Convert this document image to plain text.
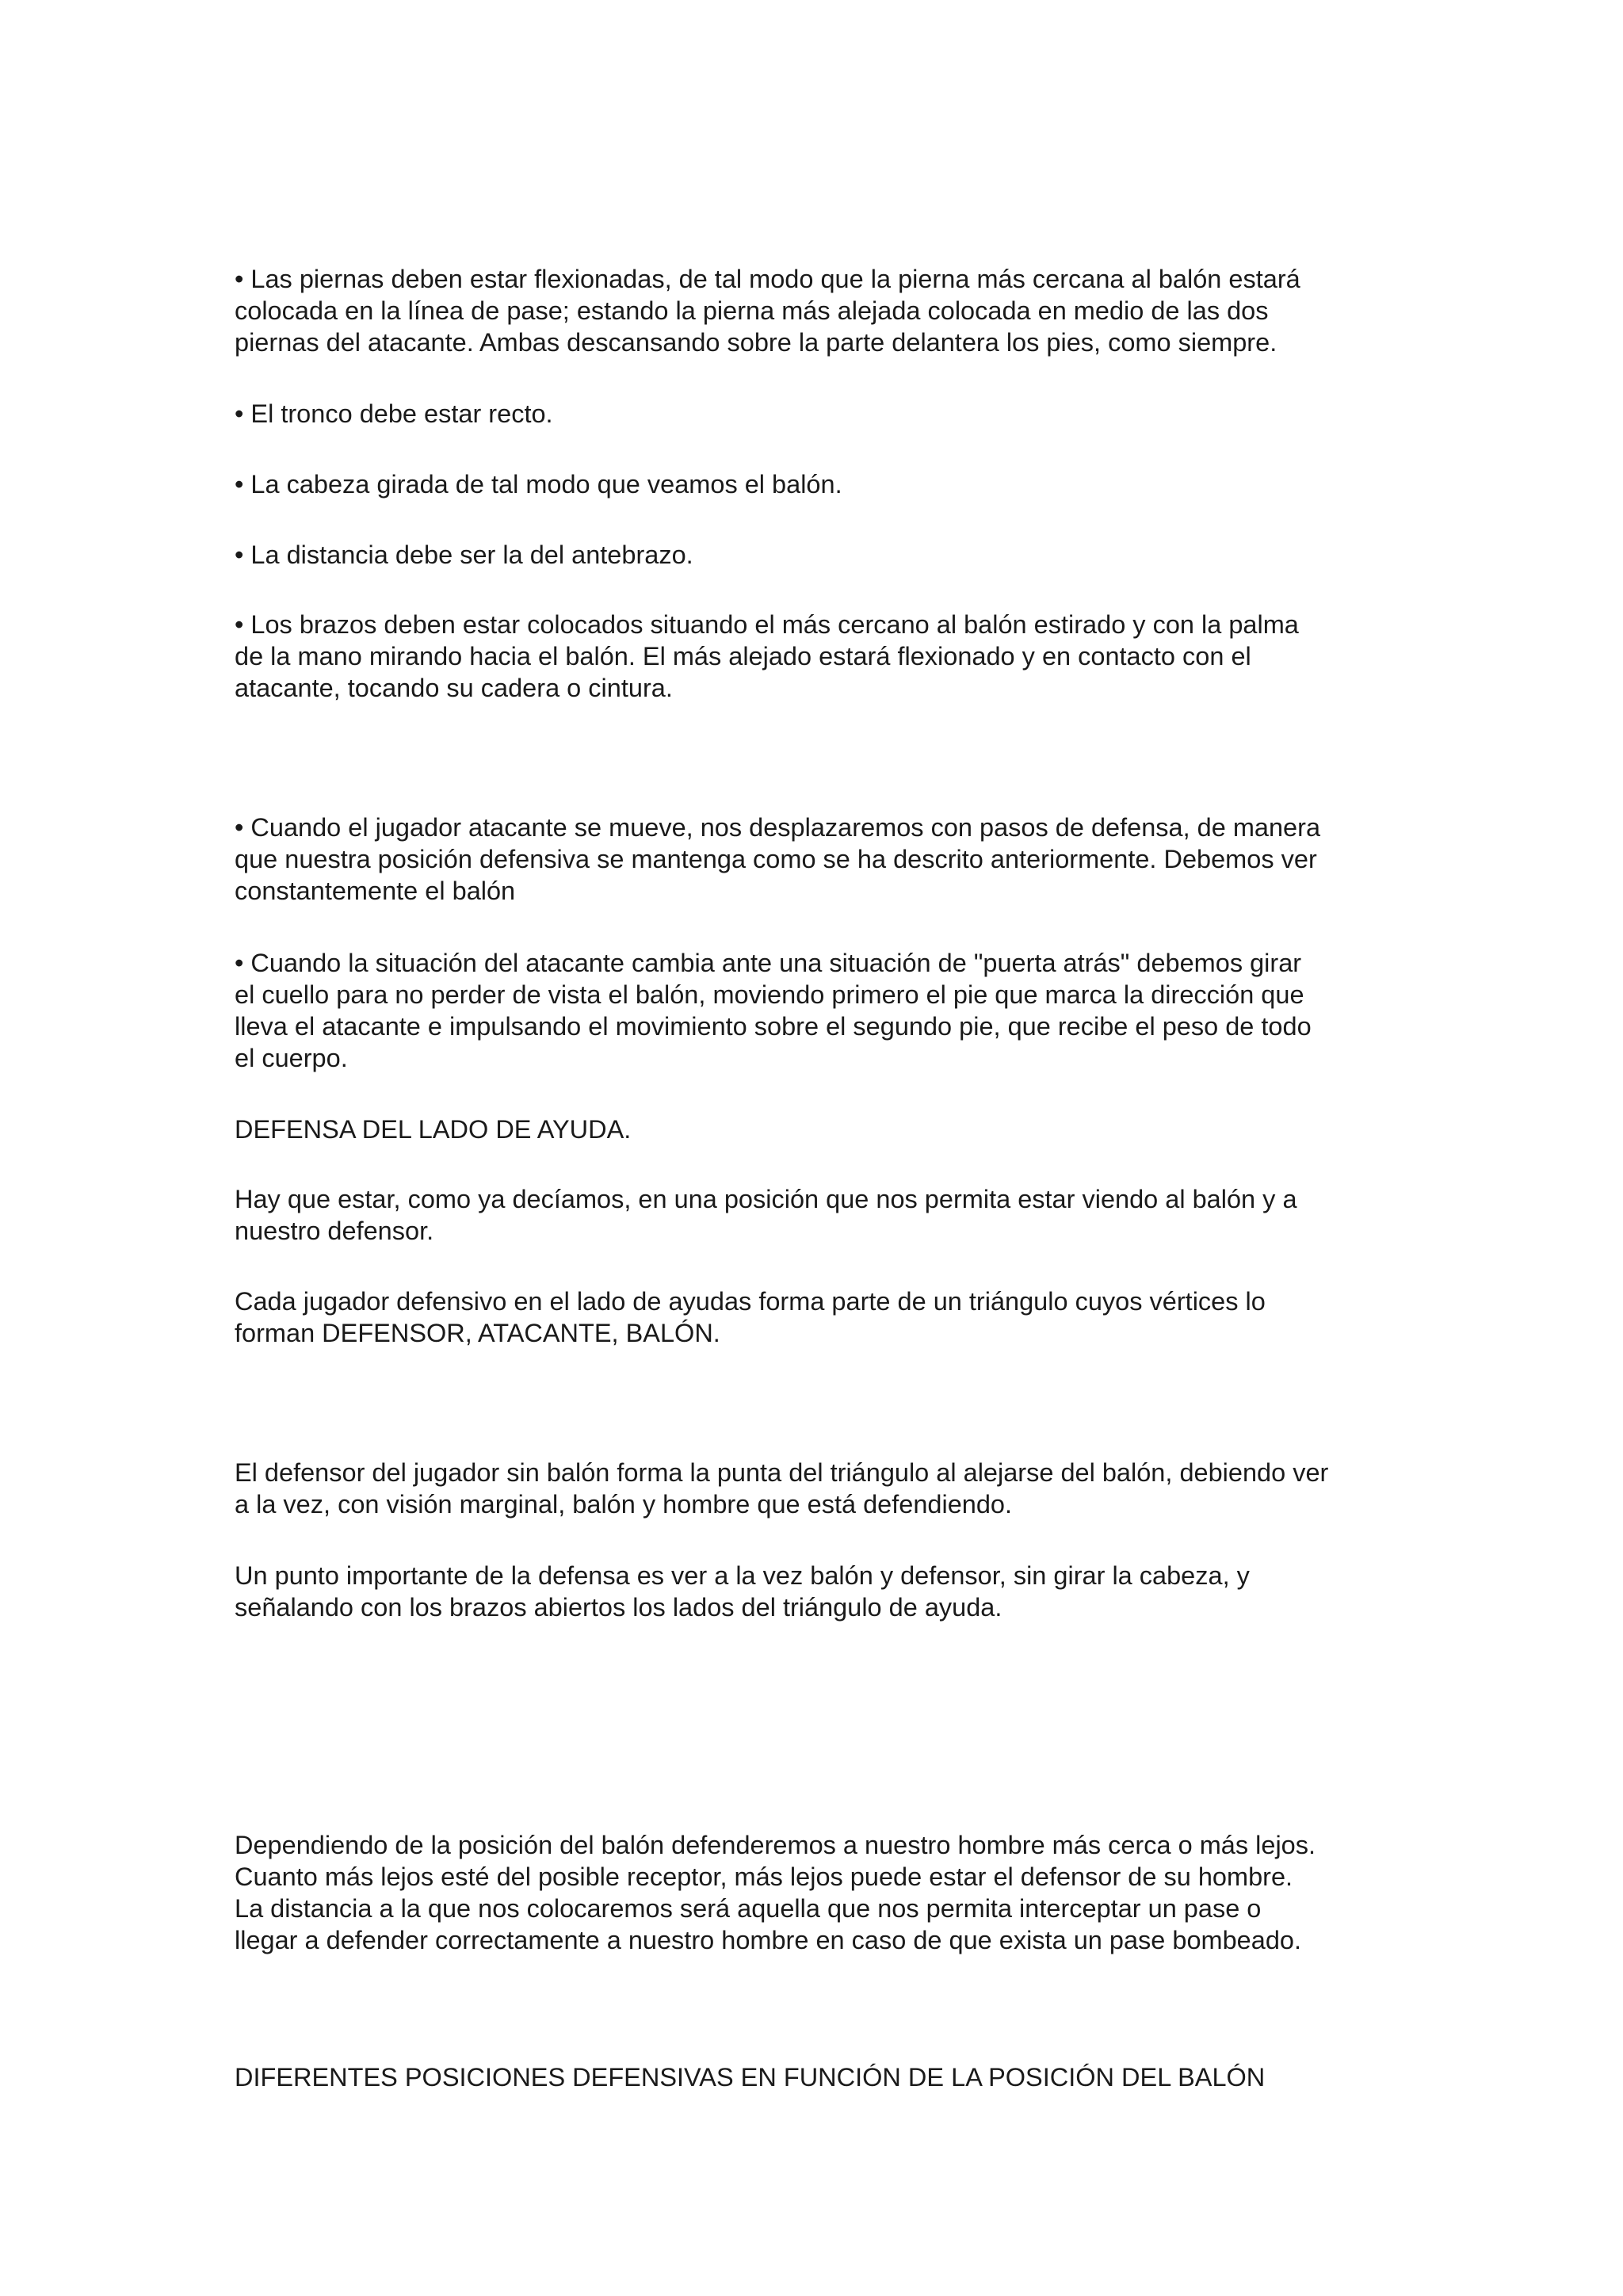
• Las piernas deben estar flexionadas, de tal modo que la pierna más cercana al balón estará
colocada en la línea de pase; estando la pierna más alejada colocada en medio de las dos
piernas del atacante. Ambas descansando sobre la parte delantera los pies, como siempre.

• El tronco debe estar recto.

• La cabeza girada de tal modo que veamos el balón.

• La distancia debe ser la del antebrazo.

• Los brazos deben estar colocados situando el más cercano al balón estirado y con la palma
de la mano mirando hacia el balón. El más alejado estará flexionado y en contacto con el
atacante, tocando su cadera o cintura.

• Cuando el jugador atacante se mueve, nos desplazaremos con pasos de defensa, de manera
que nuestra posición defensiva se mantenga como se ha descrito anteriormente. Debemos ver
constantemente el balón

• Cuando la situación del atacante cambia ante una situación de "puerta atrás" debemos girar
el cuello para no perder de vista el balón, moviendo primero el pie que marca la dirección que
lleva el atacante e impulsando el movimiento sobre el segundo pie, que recibe el peso de todo
el cuerpo.

DEFENSA DEL LADO DE AYUDA.

Hay que estar, como ya decíamos, en una posición que nos permita estar viendo al balón y a
nuestro defensor.

Cada jugador defensivo en el lado de ayudas forma parte de un triángulo cuyos vértices lo
forman DEFENSOR, ATACANTE, BALÓN.

El defensor del jugador sin balón forma la punta del triángulo al alejarse del balón, debiendo ver
a la vez, con visión marginal, balón y hombre que está defendiendo.

Un punto importante de la defensa es ver a la vez balón y defensor, sin girar la cabeza, y
señalando con los brazos abiertos los lados del triángulo de ayuda.

Dependiendo de la posición del balón defenderemos a nuestro hombre más cerca o más lejos.
Cuanto más lejos esté del posible receptor, más lejos puede estar el defensor de su hombre.
La distancia a la que nos colocaremos será aquella que nos permita interceptar un pase o
llegar a defender correctamente a nuestro hombre en caso de que exista un pase bombeado.

DIFERENTES POSICIONES DEFENSIVAS EN FUNCIÓN DE LA POSICIÓN DEL BALÓN
